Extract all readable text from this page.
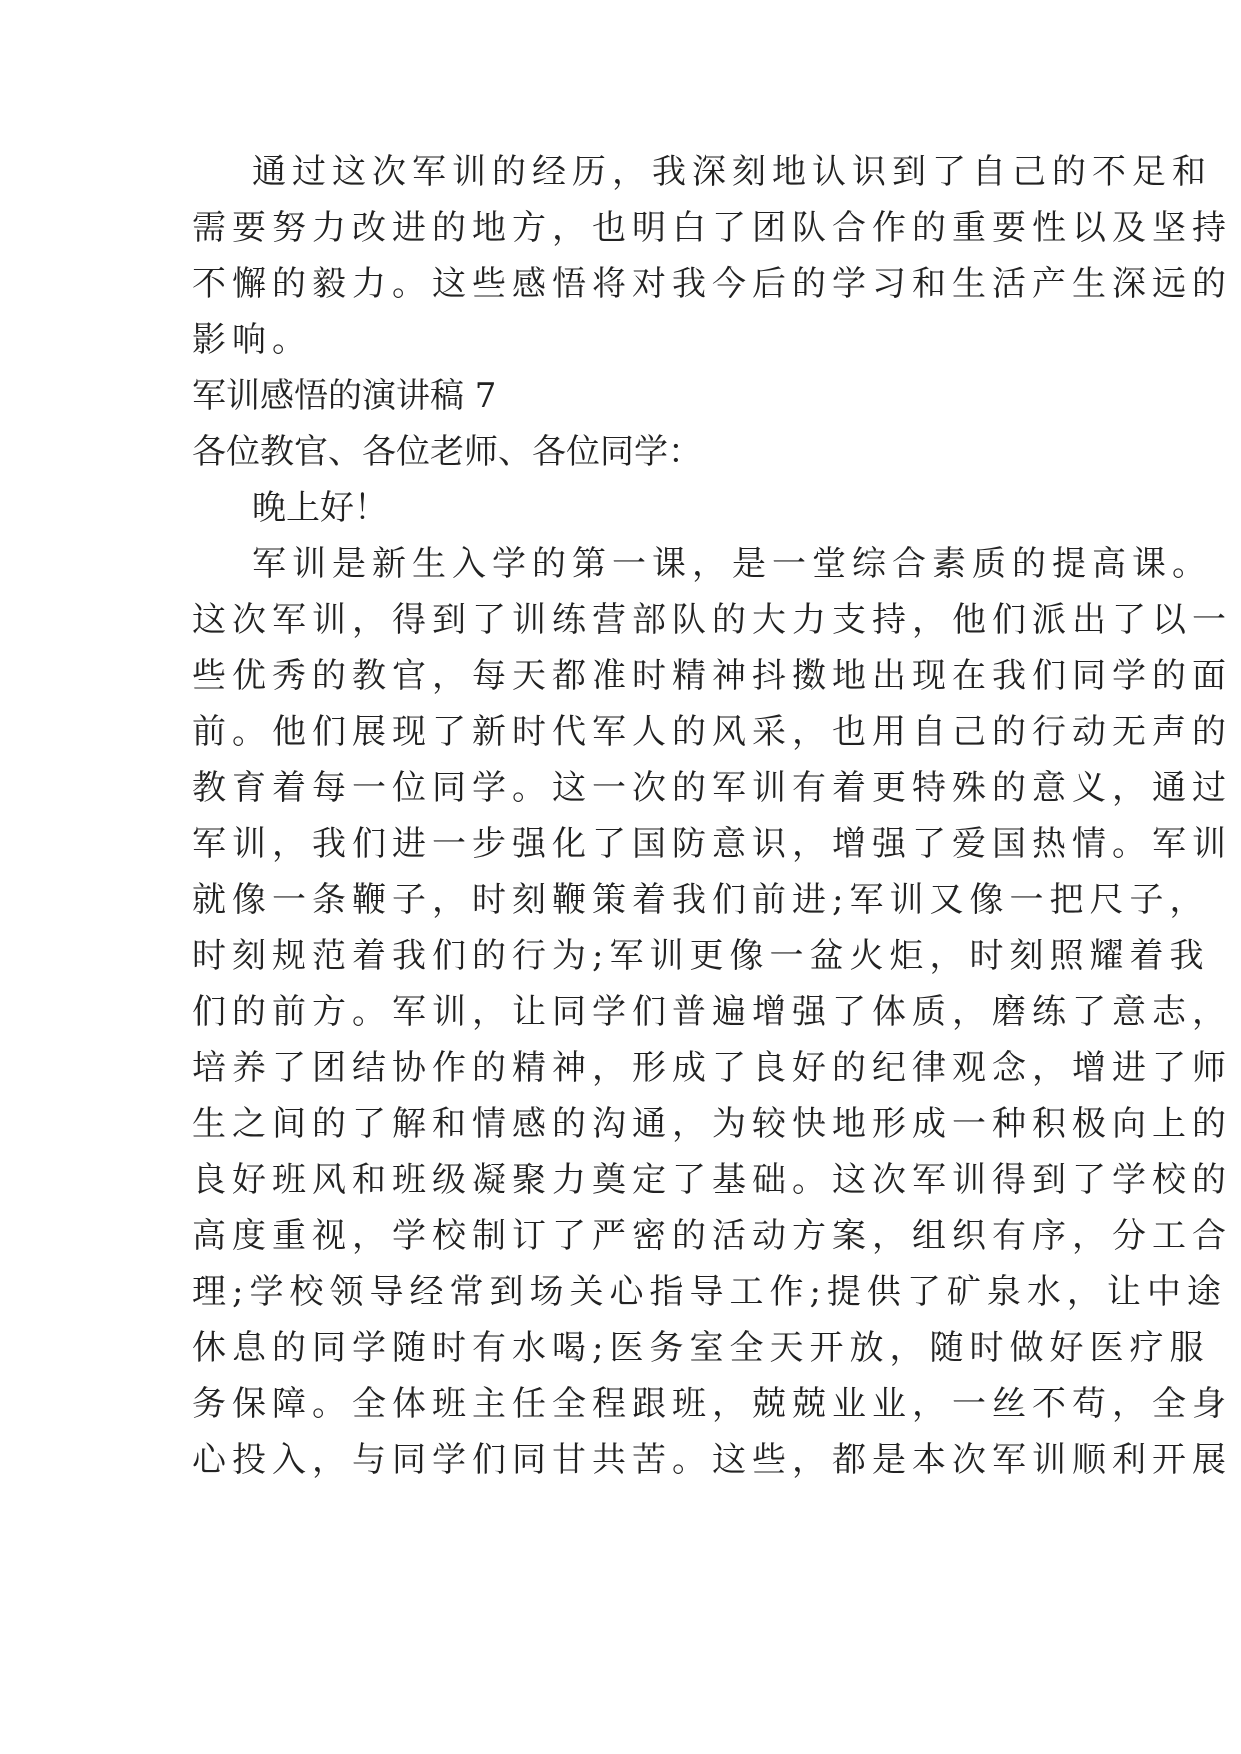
通过这次军训的经历，我深刻地认识到了自己的不足和
需要努力改进的地方，也明白了团队合作的重要性以及坚持
不懈的毅力。这些感悟将对我今后的学习和生活产生深远的
影响。
军训感悟的演讲稿 7
各位教官、各位老师、各位同学：
晚上好！
军训是新生入学的第一课，是一堂综合素质的提高课。
这次军训，得到了训练营部队的大力支持，他们派出了以一
些优秀的教官，每天都准时精神抖擞地出现在我们同学的面
前。他们展现了新时代军人的风采，也用自己的行动无声的
教育着每一位同学。这一次的军训有着更特殊的意义，通过
军训，我们进一步强化了国防意识，增强了爱国热情。军训
就像一条鞭子，时刻鞭策着我们前进;军训又像一把尺子，
时刻规范着我们的行为;军训更像一盆火炬，时刻照耀着我
们的前方。军训，让同学们普遍增强了体质，磨练了意志，
培养了团结协作的精神，形成了良好的纪律观念，增进了师
生之间的了解和情感的沟通，为较快地形成一种积极向上的
良好班风和班级凝聚力奠定了基础。这次军训得到了学校的
高度重视，学校制订了严密的活动方案，组织有序，分工合
理;学校领导经常到场关心指导工作;提供了矿泉水，让中途
休息的同学随时有水喝;医务室全天开放，随时做好医疗服
务保障。全体班主任全程跟班，兢兢业业，一丝不苟，全身
心投入，与同学们同甘共苦。这些，都是本次军训顺利开展
